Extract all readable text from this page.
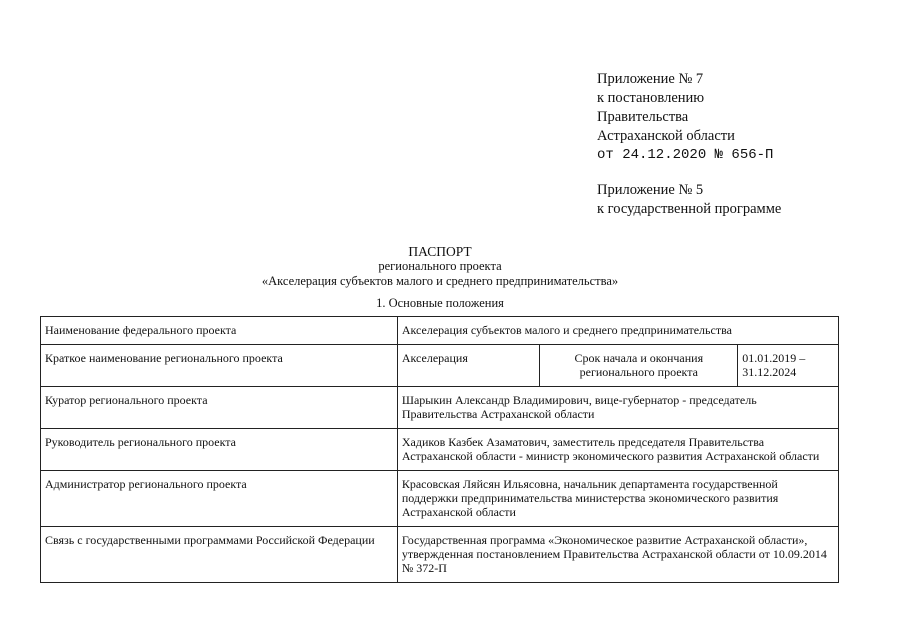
Приложение № 7
к постановлению
Правительства
Астраханской области
от 24.12.2020 № 656-П
Приложение № 5
к государственной программе
ПАСПОРТ
регионального проекта
«Акселерация субъектов малого и среднего предпринимательства»
1. Основные положения
Наименование федерального проекта	Акселерация субъектов малого и среднего предпринимательства		
Краткое наименование регионального проекта	Акселерация	Срок начала и окончания регионального проекта	01.01.2019 – 31.12.2024
Куратор регионального проекта	Шарыкин Александр Владимирович, вице-губернатор - председатель Правительства Астраханской области		
Руководитель регионального проекта	Хадиков Казбек Азаматович, заместитель председателя Правительства Астраханской области - министр экономического развития Астраханской области		
Администратор регионального проекта	Красовская Ляйсян Ильясовна, начальник департамента государственной поддержки предпринимательства министерства экономического развития Астраханской области		
Связь с государственными программами Российской Федерации	Государственная программа «Экономическое развитие Астраханской области», утвержденная постановлением Правительства Астраханской области от 10.09.2014 № 372-П		
